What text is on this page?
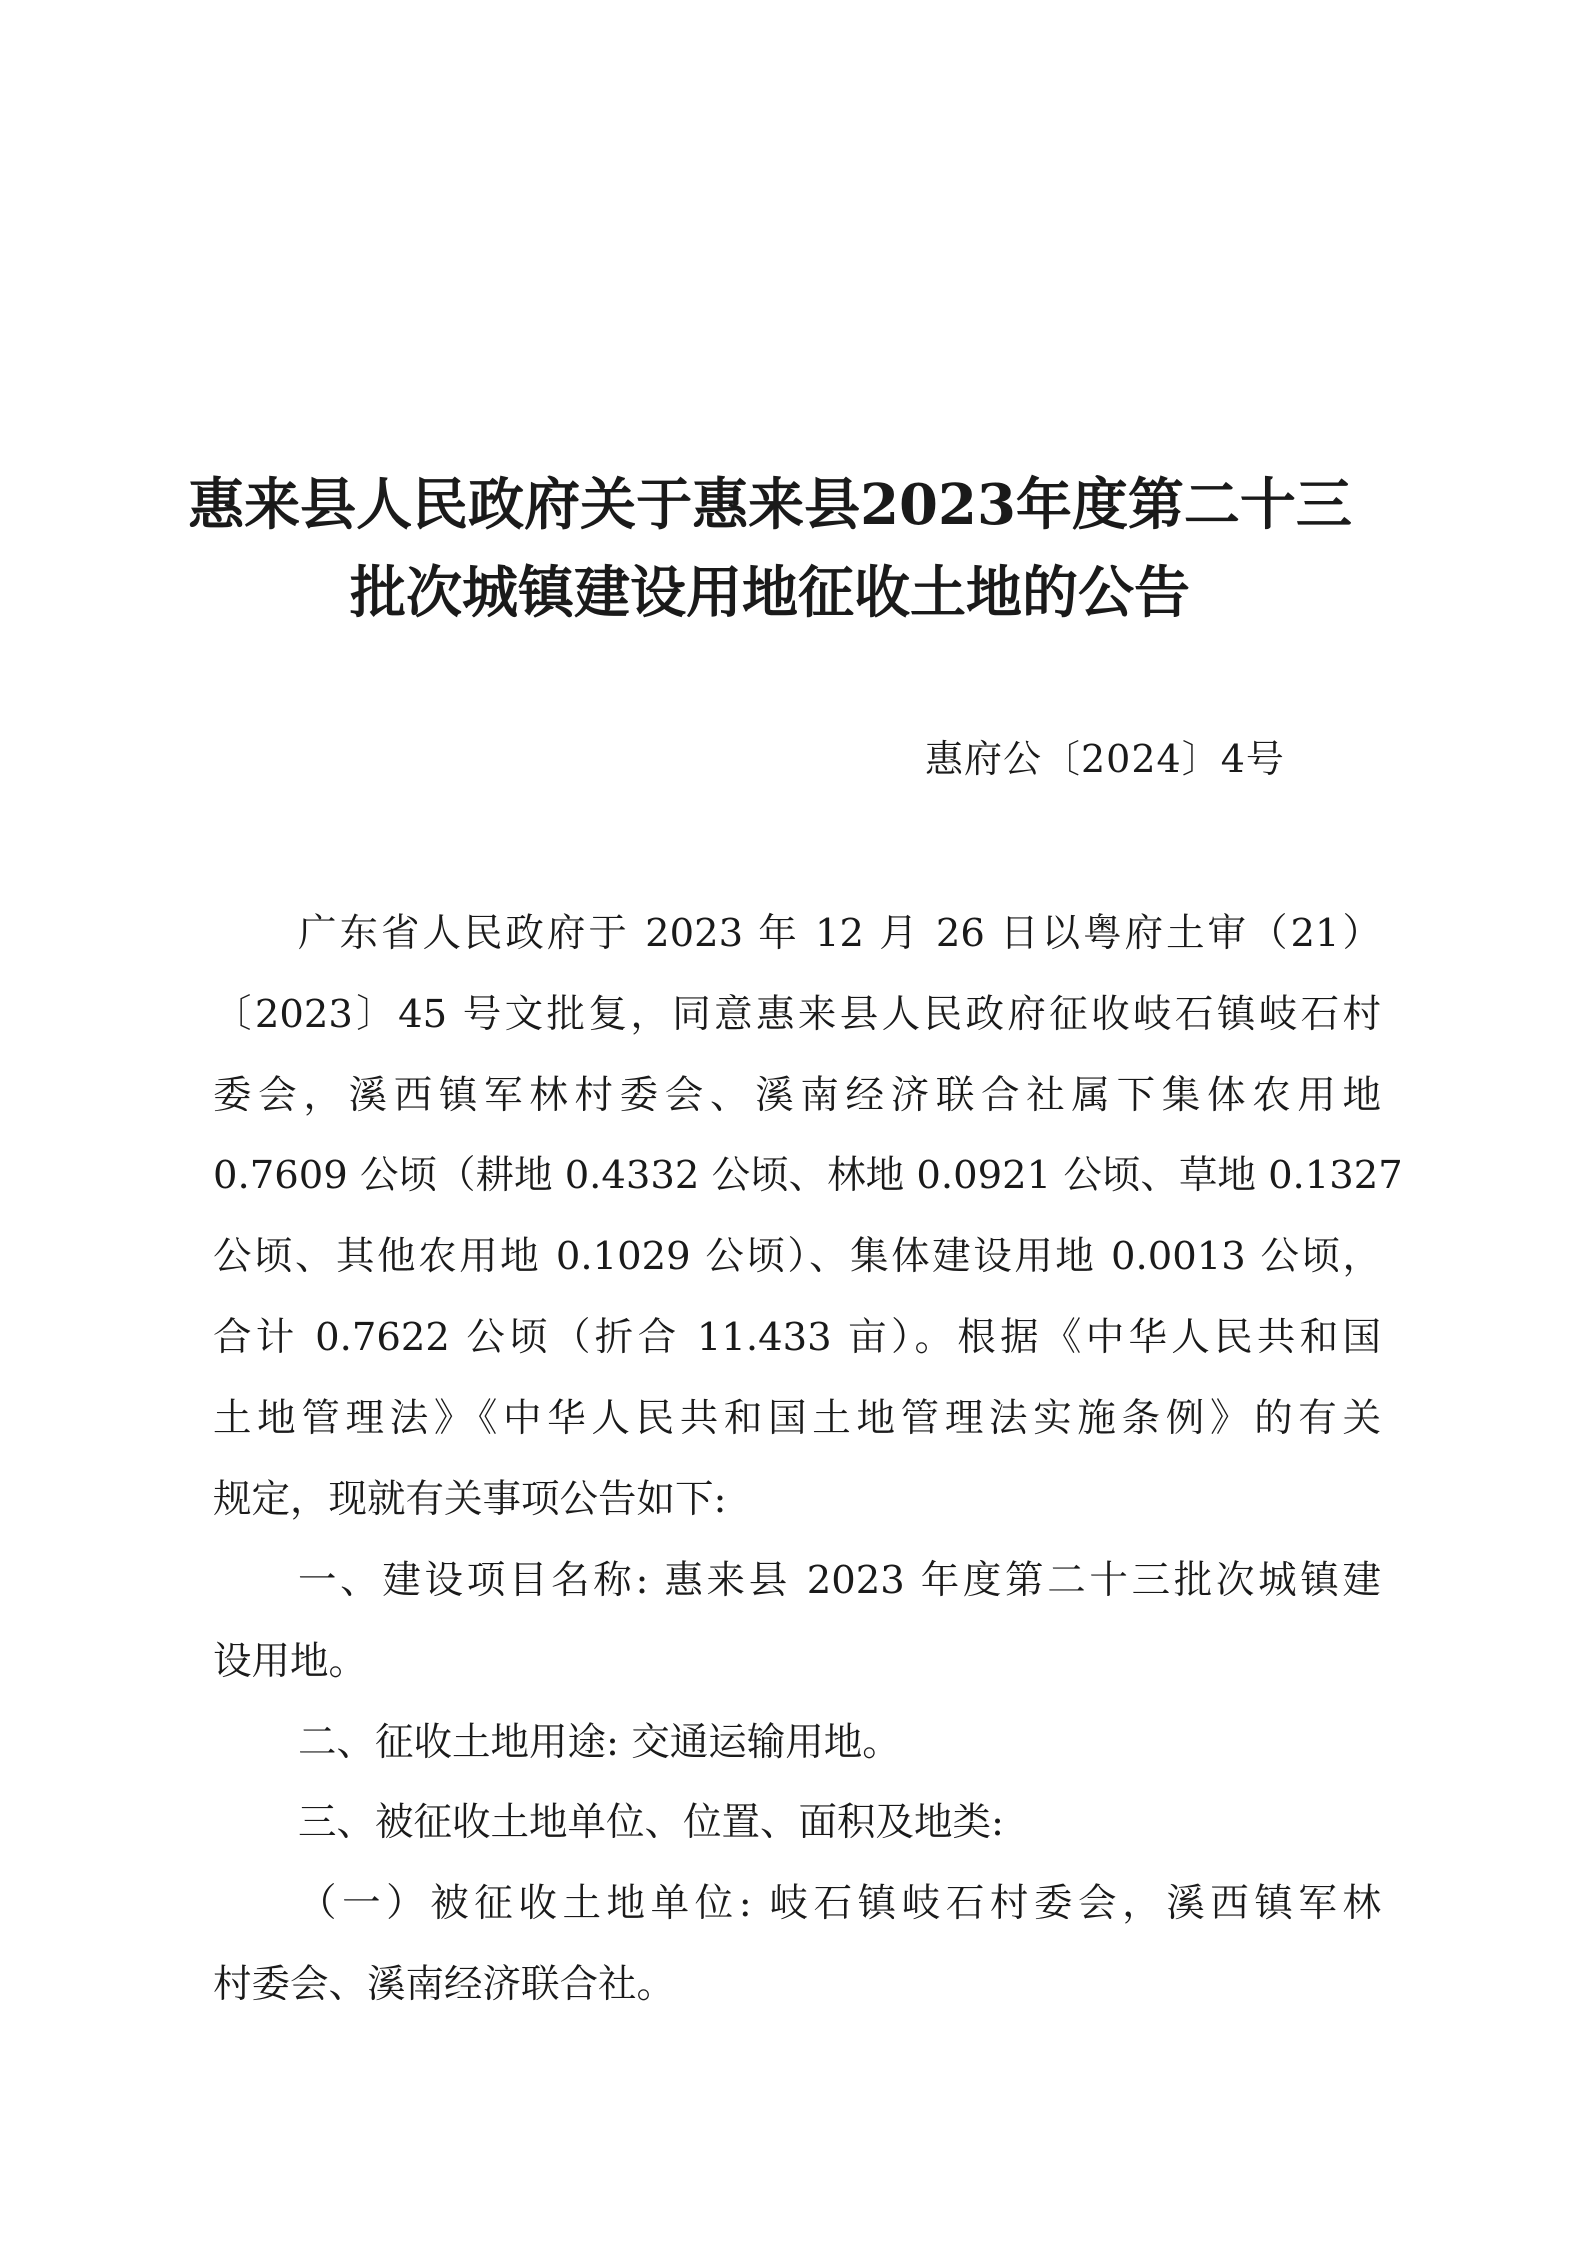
惠来县人民政府关于惠来县2023年度第二十三
批次城镇建设用地征收土地的公告
惠府公〔2024〕4号
广东省人民政府于 2023 年 12 月 26 日以粤府土审（21）
〔2023〕45 号文批复，同意惠来县人民政府征收岐石镇岐石村
委会，溪西镇军林村委会、溪南经济联合社属下集体农用地
0.7609 公顷（耕地 0.4332 公顷、林地 0.0921 公顷、草地 0.1327
公顷、其他农用地 0.1029 公顷）、集体建设用地 0.0013 公顷，
合计 0.7622 公顷（折合 11.433 亩）。根据《中华人民共和国
土地管理法》《中华人民共和国土地管理法实施条例》的有关
规定，现就有关事项公告如下:
一、建设项目名称: 惠来县 2023 年度第二十三批次城镇建
设用地。
二、征收土地用途: 交通运输用地。
三、被征收土地单位、位置、面积及地类:
（一）被征收土地单位: 岐石镇岐石村委会，溪西镇军林
村委会、溪南经济联合社。
